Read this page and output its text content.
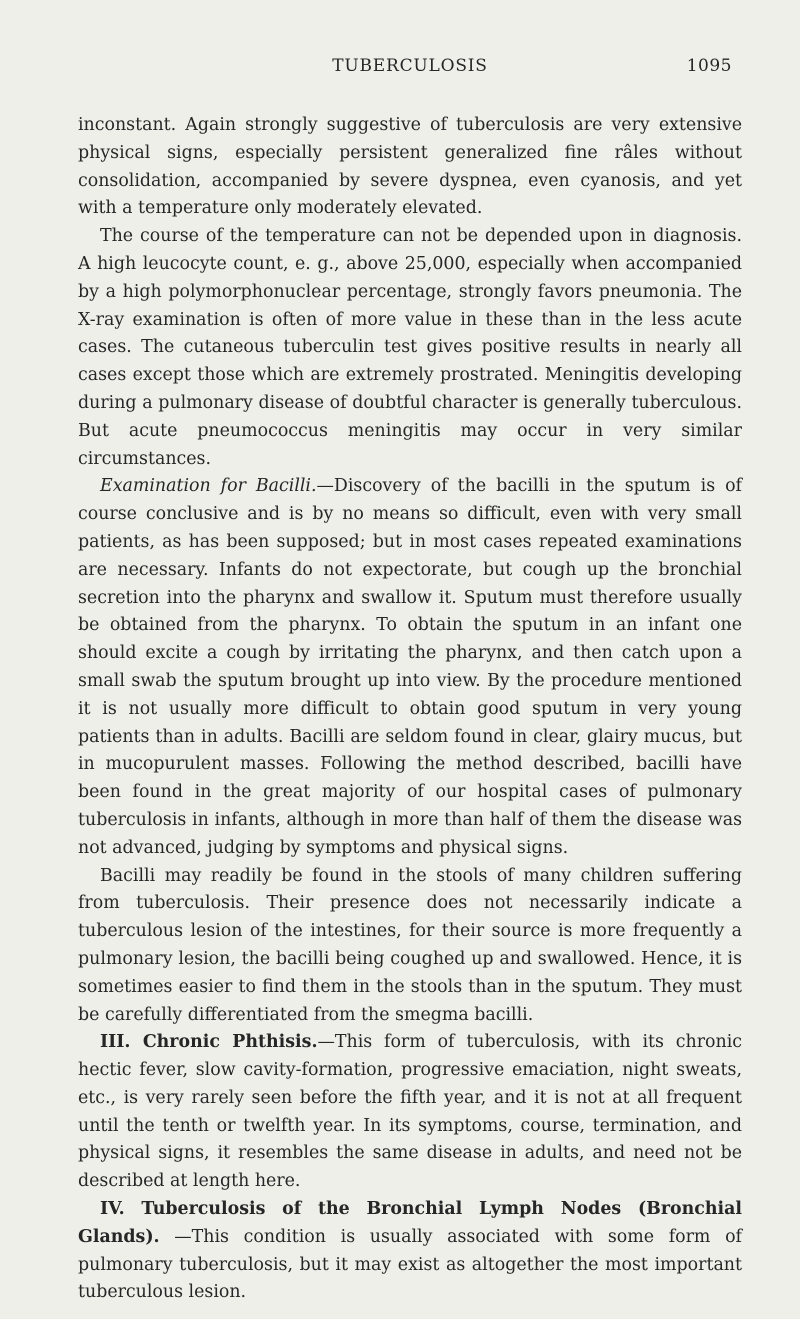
TUBERCULOSIS	1095

inconstant. Again strongly suggestive of tuberculosis are very extensive physical signs, especially persistent generalized fine râles without consolidation, accompanied by severe dyspnea, even cyanosis, and yet with a temperature only moderately elevated.

The course of the temperature can not be depended upon in diagnosis. A high leucocyte count, e. g., above 25,000, especially when accompanied by a high polymorphonuclear percentage, strongly favors pneumonia. The X-ray examination is often of more value in these than in the less acute cases. The cutaneous tuberculin test gives positive results in nearly all cases except those which are extremely prostrated. Meningitis developing during a pulmonary disease of doubtful character is generally tuberculous. But acute pneumococcus meningitis may occur in very similar circumstances.

Examination for Bacilli.—Discovery of the bacilli in the sputum is of course conclusive and is by no means so difficult, even with very small patients, as has been supposed; but in most cases repeated examinations are necessary. Infants do not expectorate, but cough up the bronchial secretion into the pharynx and swallow it. Sputum must therefore usually be obtained from the pharynx. To obtain the sputum in an infant one should excite a cough by irritating the pharynx, and then catch upon a small swab the sputum brought up into view. By the procedure mentioned it is not usually more difficult to obtain good sputum in very young patients than in adults. Bacilli are seldom found in clear, glairy mucus, but in mucopurulent masses. Following the method described, bacilli have been found in the great majority of our hospital cases of pulmonary tuberculosis in infants, although in more than half of them the disease was not advanced, judging by symptoms and physical signs.

Bacilli may readily be found in the stools of many children suffering from tuberculosis. Their presence does not necessarily indicate a tuberculous lesion of the intestines, for their source is more frequently a pulmonary lesion, the bacilli being coughed up and swallowed. Hence, it is sometimes easier to find them in the stools than in the sputum. They must be carefully differentiated from the smegma bacilli.

III. Chronic Phthisis.—This form of tuberculosis, with its chronic hectic fever, slow cavity-formation, progressive emaciation, night sweats, etc., is very rarely seen before the fifth year, and it is not at all frequent until the tenth or twelfth year. In its symptoms, course, termination, and physical signs, it resembles the same disease in adults, and need not be described at length here.

IV. Tuberculosis of the Bronchial Lymph Nodes (Bronchial Glands). —This condition is usually associated with some form of pulmonary tuberculosis, but it may exist as altogether the most important tuberculous lesion.
